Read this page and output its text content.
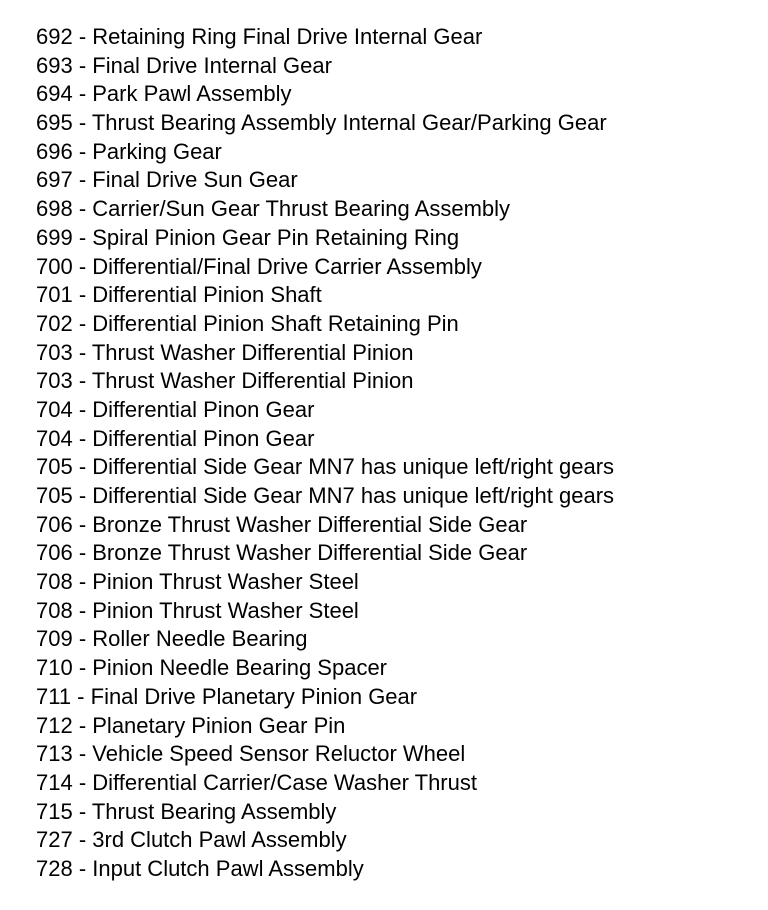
692 - Retaining Ring Final Drive Internal Gear
693 - Final Drive Internal Gear
694 - Park Pawl Assembly
695 - Thrust Bearing Assembly Internal Gear/Parking Gear
696 - Parking Gear
697 - Final Drive Sun Gear
698 - Carrier/Sun Gear Thrust Bearing Assembly
699 - Spiral Pinion Gear Pin Retaining Ring
700 - Differential/Final Drive Carrier Assembly
701 - Differential Pinion Shaft
702 - Differential Pinion Shaft Retaining Pin
703 - Thrust Washer Differential Pinion
703 - Thrust Washer Differential Pinion
704 - Differential Pinon Gear
704 - Differential Pinon Gear
705 - Differential Side Gear MN7 has unique left/right gears
705 - Differential Side Gear MN7 has unique left/right gears
706 - Bronze Thrust Washer Differential Side Gear
706 - Bronze Thrust Washer Differential Side Gear
708 - Pinion Thrust Washer Steel
708 - Pinion Thrust Washer Steel
709 - Roller Needle Bearing
710 - Pinion Needle Bearing Spacer
711 - Final Drive Planetary Pinion Gear
712 - Planetary Pinion Gear Pin
713 - Vehicle Speed Sensor Reluctor Wheel
714 - Differential Carrier/Case Washer Thrust
715 - Thrust Bearing Assembly
727 - 3rd Clutch Pawl Assembly
728 - Input Clutch Pawl Assembly
